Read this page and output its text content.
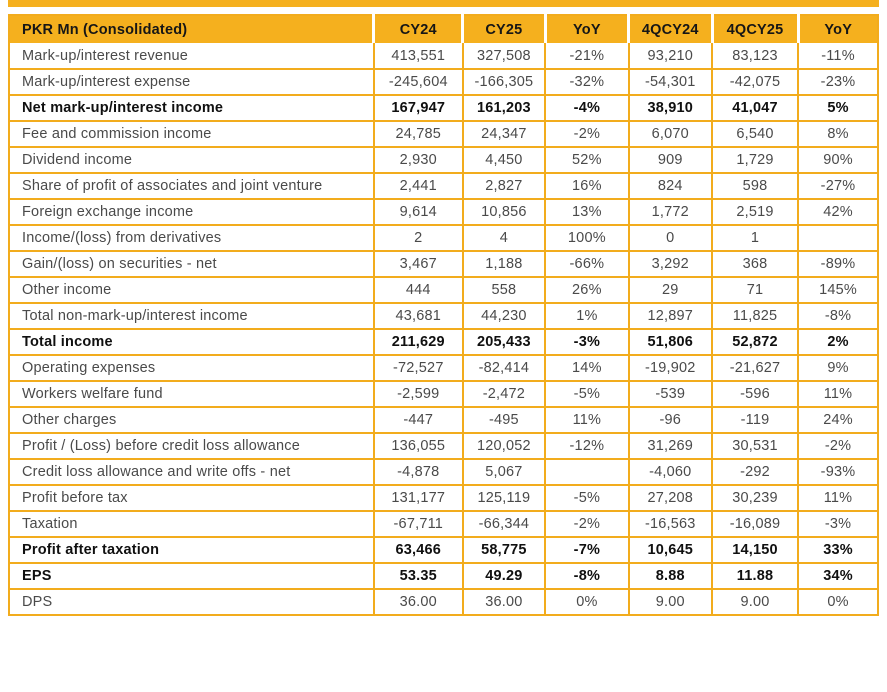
PKR Mn (Consolidated)	CY24	CY25	YoY	4QCY24	4QCY25	YoY
Mark-up/interest revenue	413,551	327,508	-21%	93,210	83,123	-11%
Mark-up/interest expense	-245,604	-166,305	-32%	-54,301	-42,075	-23%
Net mark-up/interest income	167,947	161,203	-4%	38,910	41,047	5%
Fee and commission income	24,785	24,347	-2%	6,070	6,540	8%
Dividend income	2,930	4,450	52%	909	1,729	90%
Share of profit of associates and joint venture	2,441	2,827	16%	824	598	-27%
Foreign exchange income	9,614	10,856	13%	1,772	2,519	42%
Income/(loss) from derivatives	2	4	100%	0	1	
Gain/(loss) on securities - net	3,467	1,188	-66%	3,292	368	-89%
Other income	444	558	26%	29	71	145%
Total non-mark-up/interest income	43,681	44,230	1%	12,897	11,825	-8%
Total income	211,629	205,433	-3%	51,806	52,872	2%
Operating expenses	-72,527	-82,414	14%	-19,902	-21,627	9%
Workers welfare fund	-2,599	-2,472	-5%	-539	-596	11%
Other charges	-447	-495	11%	-96	-119	24%
Profit / (Loss) before credit loss allowance	136,055	120,052	-12%	31,269	30,531	-2%
Credit loss allowance and write offs - net	-4,878	5,067		-4,060	-292	-93%
Profit before tax	131,177	125,119	-5%	27,208	30,239	11%
Taxation	-67,711	-66,344	-2%	-16,563	-16,089	-3%
Profit after taxation	63,466	58,775	-7%	10,645	14,150	33%
EPS	53.35	49.29	-8%	8.88	11.88	34%
DPS	36.00	36.00	0%	9.00	9.00	0%
